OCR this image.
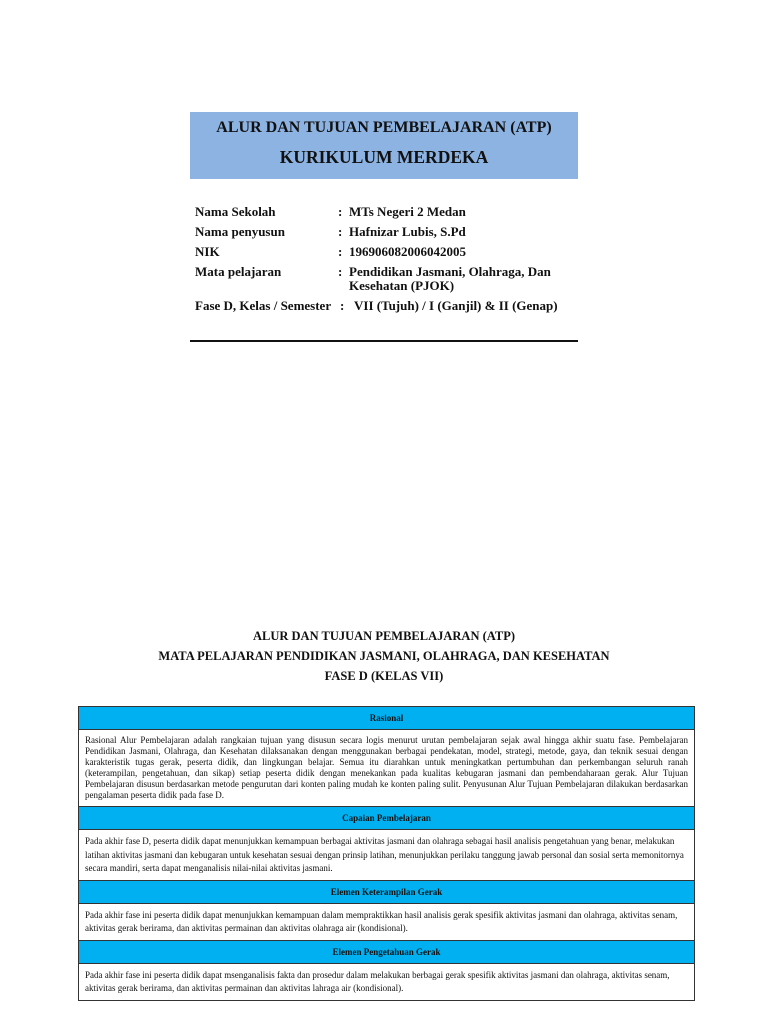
ALUR DAN TUJUAN PEMBELAJARAN (ATP)
KURIKULUM MERDEKA
Nama Sekolah	: MTs Negeri 2 Medan
Nama penyusun	: Hafnizar Lubis, S.Pd
NIK	: 196906082006042005
Mata pelajaran	: Pendidikan Jasmani, Olahraga, Dan Kesehatan (PJOK)
Fase D, Kelas / Semester : VII (Tujuh) / I (Ganjil) & II (Genap)
ALUR DAN TUJUAN PEMBELAJARAN (ATP)
MATA PELAJARAN PENDIDIKAN JASMANI, OLAHRAGA, DAN KESEHATAN
FASE D (KELAS VII)
Rasional
Rasional Alur Pembelajaran adalah rangkaian tujuan yang disusun secara logis menurut urutan pembelajaran sejak awal hingga akhir suatu fase. Pembelajaran Pendidikan Jasmani, Olahraga, dan Kesehatan dilaksanakan dengan menggunakan berbagai pendekatan, model, strategi, metode, gaya, dan teknik sesuai dengan karakteristik tugas gerak, peserta didik, dan lingkungan belajar. Semua itu diarahkan untuk meningkatkan pertumbuhan dan perkembangan seluruh ranah (keterampilan, pengetahuan, dan sikap) setiap peserta didik dengan menekankan pada kualitas kebugaran jasmani dan pembendaharaan gerak. Alur Tujuan Pembelajaran disusun berdasarkan metode pengurutan dari konten paling mudah ke konten paling sulit. Penyusunan Alur Tujuan Pembelajaran dilakukan berdasarkan pengalaman peserta didik pada fase D.
Capaian Pembelajaran
Pada akhir fase D, peserta didik dapat menunjukkan kemampuan berbagai aktivitas jasmani dan olahraga sebagai hasil analisis pengetahuan yang benar, melakukan latihan aktivitas jasmani dan kebugaran untuk kesehatan sesuai dengan prinsip latihan, menunjukkan perilaku tanggung jawab personal dan sosial serta memonitornya secara mandiri, serta dapat menganalisis nilai-nilai aktivitas jasmani.
Elemen Keterampilan Gerak
Pada akhir fase ini peserta didik dapat menunjukkan kemampuan dalam mempraktikkan hasil analisis gerak spesifik aktivitas jasmani dan olahraga, aktivitas senam, aktivitas gerak berirama, dan aktivitas permainan dan aktivitas olahraga air (kondisional).
Elemen Pengetahuan Gerak
Pada akhir fase ini peserta didik dapat msenganalisis fakta dan prosedur dalam melakukan berbagai gerak spesifik aktivitas jasmani dan olahraga, aktivitas senam, aktivitas gerak berirama, dan aktivitas permainan dan aktivitas lahraga air (kondisional).
